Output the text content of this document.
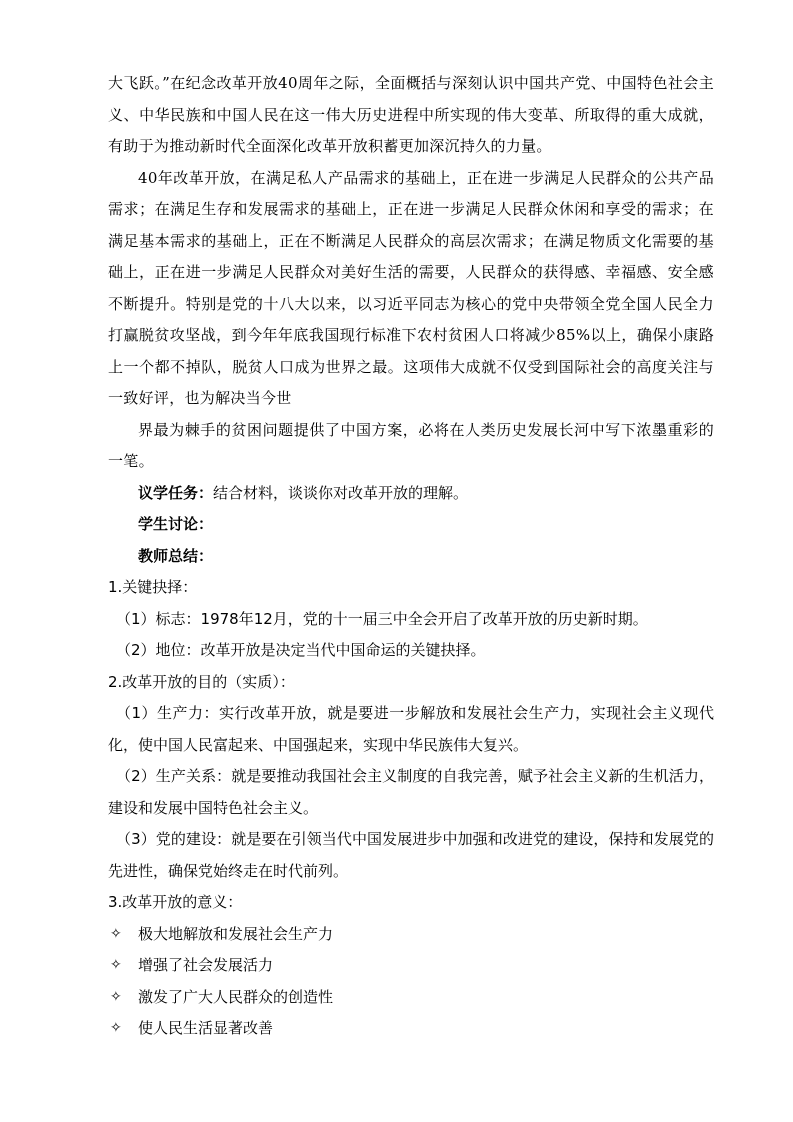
大飞跃。”在纪念改革开放40周年之际，全面概括与深刻认识中国共产党、中国特色社会主义、中华民族和中国人民在这一伟大历史进程中所实现的伟大变革、所取得的重大成就，有助于为推动新时代全面深化改革开放积蓄更加深沉持久的力量。

40年改革开放，在满足私人产品需求的基础上，正在进一步满足人民群众的公共产品需求；在满足生存和发展需求的基础上，正在进一步满足人民群众休闲和享受的需求；在满足基本需求的基础上，正在不断满足人民群众的高层次需求；在满足物质文化需要的基础上，正在进一步满足人民群众对美好生活的需要，人民群众的获得感、幸福感、安全感不断提升。特别是党的十八大以来，以习近平同志为核心的党中央带领全党全国人民全力打赢脱贫攻坚战，到今年年底我国现行标准下农村贫困人口将减少85%以上，确保小康路上一个都不掉队，脱贫人口成为世界之最。这项伟大成就不仅受到国际社会的高度关注与一致好评，也为解决当今世

界最为棘手的贫困问题提供了中国方案，必将在人类历史发展长河中写下浓墨重彩的一笔。

议学任务：结合材料，谈谈你对改革开放的理解。

学生讨论：

教师总结：

1.关键抉择：

（1）标志：1978年12月，党的十一届三中全会开启了改革开放的历史新时期。

（2）地位：改革开放是决定当代中国命运的关键抉择。

2.改革开放的目的（实质）：

（1）生产力：实行改革开放，就是要进一步解放和发展社会生产力，实现社会主义现代化，使中国人民富起来、中国强起来，实现中华民族伟大复兴。

（2）生产关系：就是要推动我国社会主义制度的自我完善，赋予社会主义新的生机活力，建设和发展中国特色社会主义。

（3）党的建设：就是要在引领当代中国发展进步中加强和改进党的建设，保持和发展党的先进性，确保党始终走在时代前列。

3.改革开放的意义：

✧	极大地解放和发展社会生产力

✧	增强了社会发展活力

✧	激发了广大人民群众的创造性

✧	使人民生活显著改善
